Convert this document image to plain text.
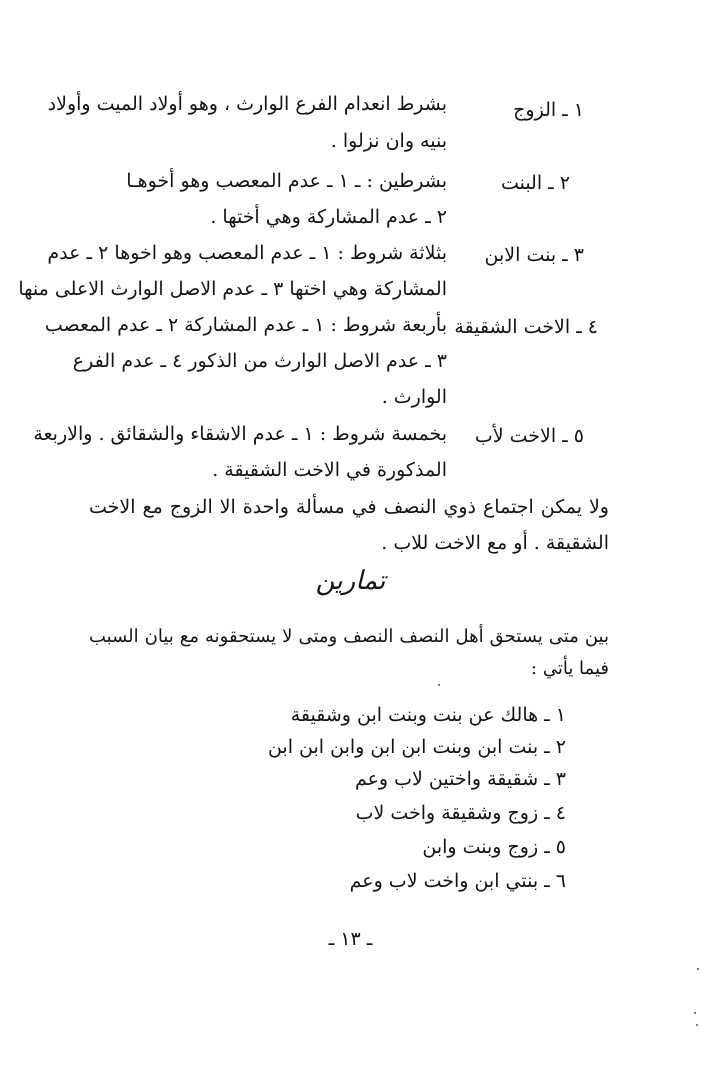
١ ـ الزوج
بشرط انعدام الفرع الوارث ، وهو أولاد الميت وأولاد
بنيه وان نزلوا .
٢ ـ البنت
بشرطين : ـ ١ ـ عدم المعصب وهو أخوهـا
٢ ـ عدم المشاركة وهي أختها .
٣ ـ بنت الابن
بثلاثة شروط : ١ ـ عدم المعصب وهو اخوها ٢ ـ عدم
المشاركة وهي اختها ٣ ـ عدم الاصل الوارث الاعلى منها
٤ ـ الاخت الشقيقة
بأربعة شروط : ١ ـ عدم المشاركة ٢ ـ عدم المعصب
٣ ـ عدم الاصل الوارث من الذكور ٤ ـ عدم الفرع
الوارث .
٥ ـ الاخت لأب
بخمسة شروط : ١ ـ عدم الاشقاء والشقائق . والاربعة
المذكورة في الاخت الشقيقة .
ولا يمكن اجتماع ذوي النصف في مسألة واحدة الا الزوج مع الاخت
الشقيقة . أو مع الاخت للاب .
تمارين
بين متى يستحق أهل النصف النصف ومتى لا يستحقونه مع بيان السبب
فيما يأتي :
١ ـ هالك عن بنت وبنت ابن وشقيقة
٢ ـ بنت ابن وبنت ابن ابن وابن ابن ابن
٣ ـ شقيقة واختين لاب وعم
٤ ـ زوج وشقيقة واخت لاب
٥ ـ زوج وبنت وابن
٦ ـ بنتي ابن واخت لاب وعم
ـ ١٣ ـ
